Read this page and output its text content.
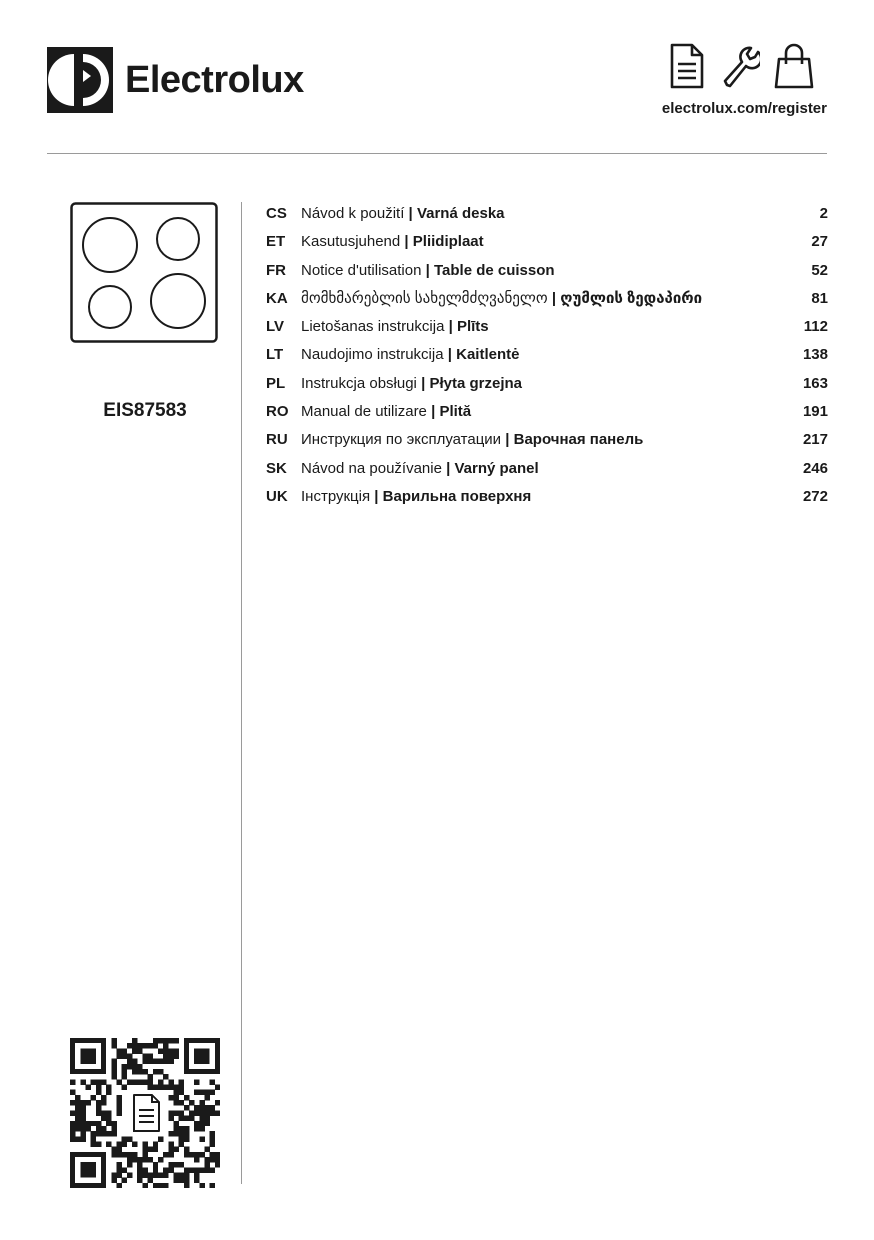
Electrolux
electrolux.com/register
EIS87583
CS Návod k použití | Varná deska	2
ET	Kasutusjuhend | Pliidiplaat	27
FR	Notice d'utilisation | Table de cuisson	52
KA მომხმარებლის სახელმძღვანელო | ღუმლის ზედაპირი	81
LV	Lietošanas instrukcija | Plīts	112
LT	Naudojimo instrukcija | Kaitlentė	138
PL	Instrukcja obsługi | Płyta grzejna	163
RO Manual de utilizare | Plită	191
RU Инструкция по эксплуатации | Варочная панель	217
SK Návod na používanie | Varný panel	246
UK Інструкція | Варильна поверхня	272
